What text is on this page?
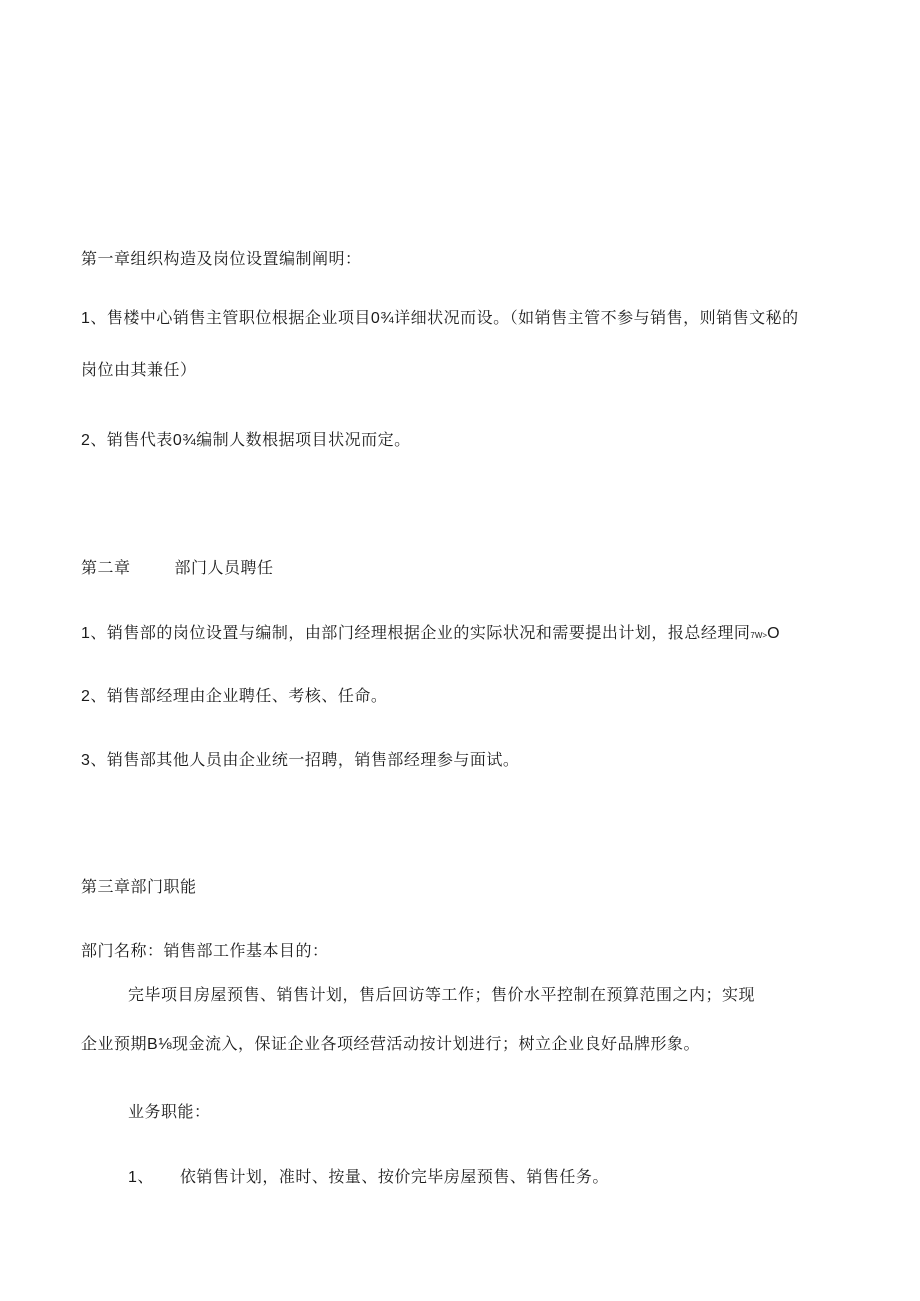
第一章组织构造及岗位设置编制阐明：
1、售楼中心销售主管职位根据企业项目0¾详细状况而设。（如销售主管不参与销售，则销售文秘的
岗位由其兼任）
2、销售代表0¾编制人数根据项目状况而定。
第二章	部门人员聘任
1、销售部的岗位设置与编制，由部门经理根据企业的实际状况和需要提出计划，报总经理同7W>O
2、销售部经理由企业聘任、考核、任命。
3、销售部其他人员由企业统一招聘，销售部经理参与面试。
第三章部门职能
部门名称：销售部工作基本目的：
完毕项目房屋预售、销售计划，售后回访等工作；售价水平控制在预算范围之内；实现
企业预期B⅛现金流入，保证企业各项经营活动按计划进行；树立企业良好品牌形象。
业务职能：
1、 依销售计划，准时、按量、按价完毕房屋预售、销售任务。
